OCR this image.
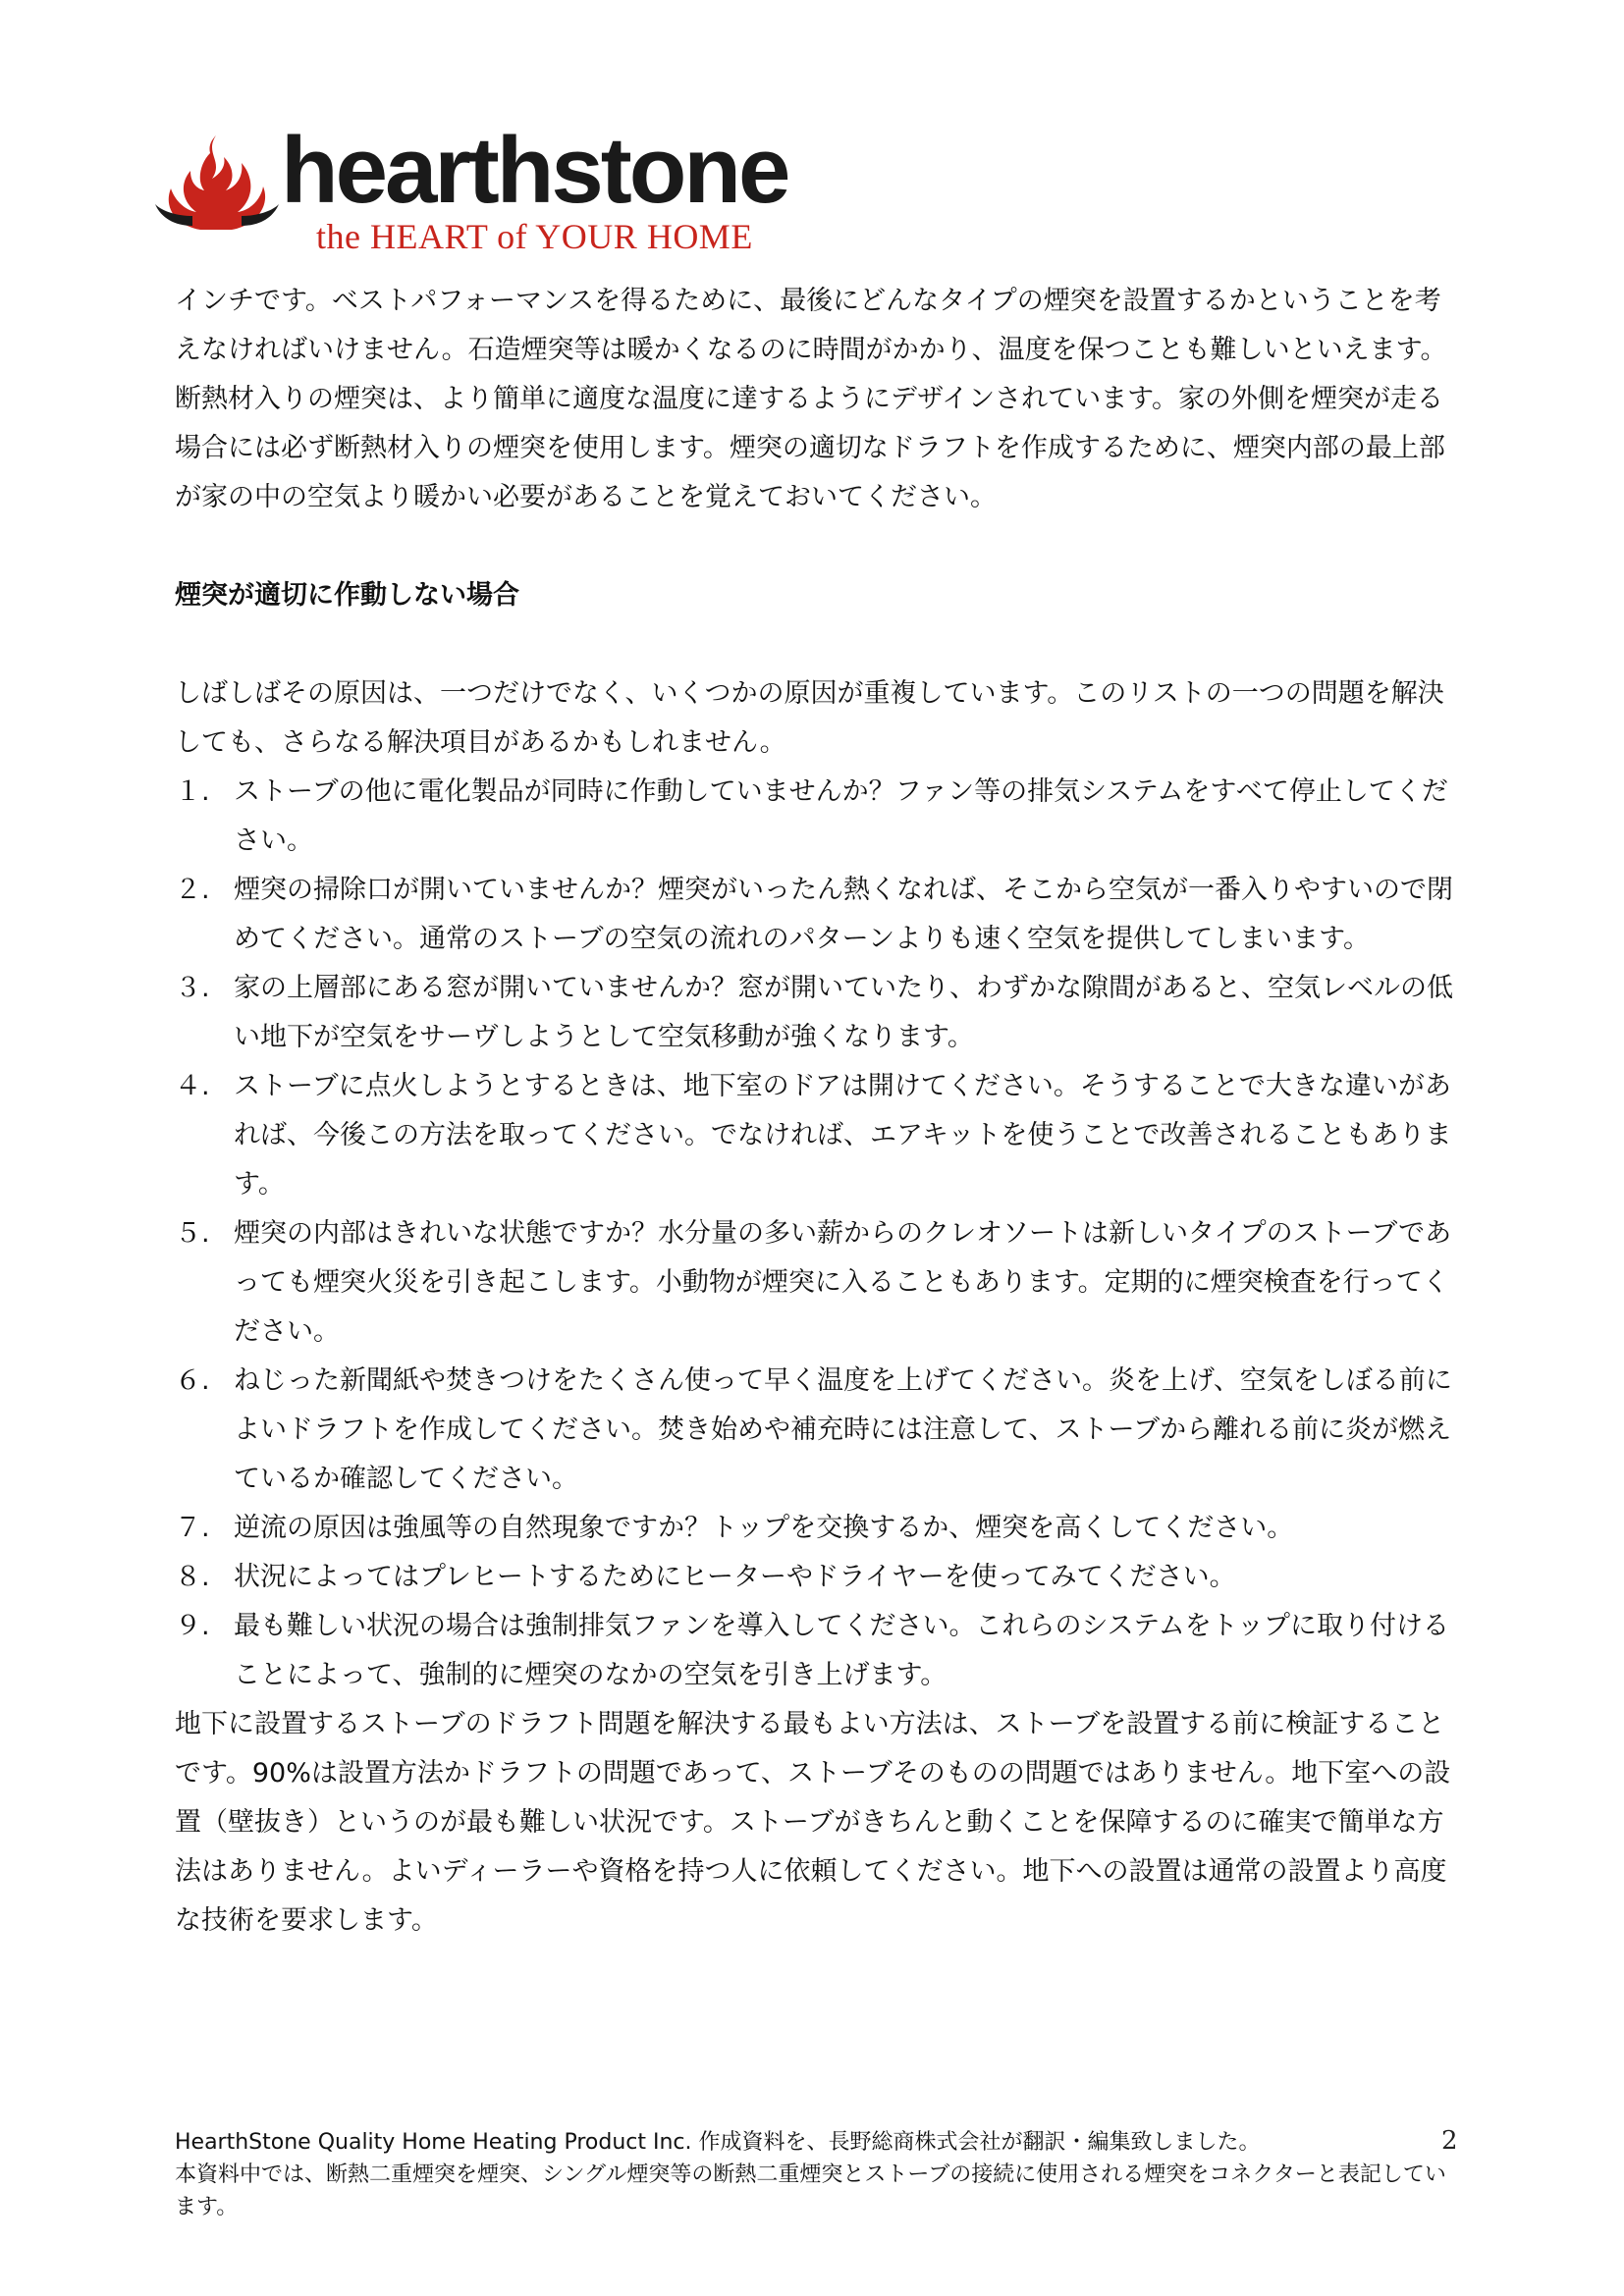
hearthstone
the HEART of YOUR HOME

インチです。ベストパフォーマンスを得るために、最後にどんなタイプの煙突を設置するかということを考えなければいけません。石造煙突等は暖かくなるのに時間がかかり、温度を保つことも難しいといえます。断熱材入りの煙突は、より簡単に適度な温度に達するようにデザインされています。家の外側を煙突が走る場合には必ず断熱材入りの煙突を使用します。煙突の適切なドラフトを作成するために、煙突内部の最上部が家の中の空気より暖かい必要があることを覚えておいてください。

煙突が適切に作動しない場合

しばしばその原因は、一つだけでなく、いくつかの原因が重複しています。このリストの一つの問題を解決しても、さらなる解決項目があるかもしれません。

１. ストーブの他に電化製品が同時に作動していませんか？ファン等の排気システムをすべて停止してください。
２. 煙突の掃除口が開いていませんか？煙突がいったん熱くなれば、そこから空気が一番入りやすいので閉めてください。通常のストーブの空気の流れのパターンよりも速く空気を提供してしまいます。
３. 家の上層部にある窓が開いていませんか？窓が開いていたり、わずかな隙間があると、空気レベルの低い地下が空気をサーヴしようとして空気移動が強くなります。
４. ストーブに点火しようとするときは、地下室のドアは開けてください。そうすることで大きな違いがあれば、今後この方法を取ってください。でなければ、エアキットを使うことで改善されることもあります。
５. 煙突の内部はきれいな状態ですか？水分量の多い薪からのクレオソートは新しいタイプのストーブであっても煙突火災を引き起こします。小動物が煙突に入ることもあります。定期的に煙突検査を行ってください。
６. ねじった新聞紙や焚きつけをたくさん使って早く温度を上げてください。炎を上げ、空気をしぼる前によいドラフトを作成してください。焚き始めや補充時には注意して、ストーブから離れる前に炎が燃えているか確認してください。
７. 逆流の原因は強風等の自然現象ですか？トップを交換するか、煙突を高くしてください。
８. 状況によってはプレヒートするためにヒーターやドライヤーを使ってみてください。
９. 最も難しい状況の場合は強制排気ファンを導入してください。これらのシステムをトップに取り付けることによって、強制的に煙突のなかの空気を引き上げます。

地下に設置するストーブのドラフト問題を解決する最もよい方法は、ストーブを設置する前に検証することです。90%は設置方法かドラフトの問題であって、ストーブそのものの問題ではありません。地下室への設置（壁抜き）というのが最も難しい状況です。ストーブがきちんと動くことを保障するのに確実で簡単な方法はありません。よいディーラーや資格を持つ人に依頼してください。地下への設置は通常の設置より高度な技術を要求します。

HearthStone Quality Home Heating Product Inc. 作成資料を、長野総商株式会社が翻訳・編集致しました。

本資料中では、断熱二重煙突を煙突、シングル煙突等の断熱二重煙突とストーブの接続に使用される煙突をコネクターと表記しています。

2
